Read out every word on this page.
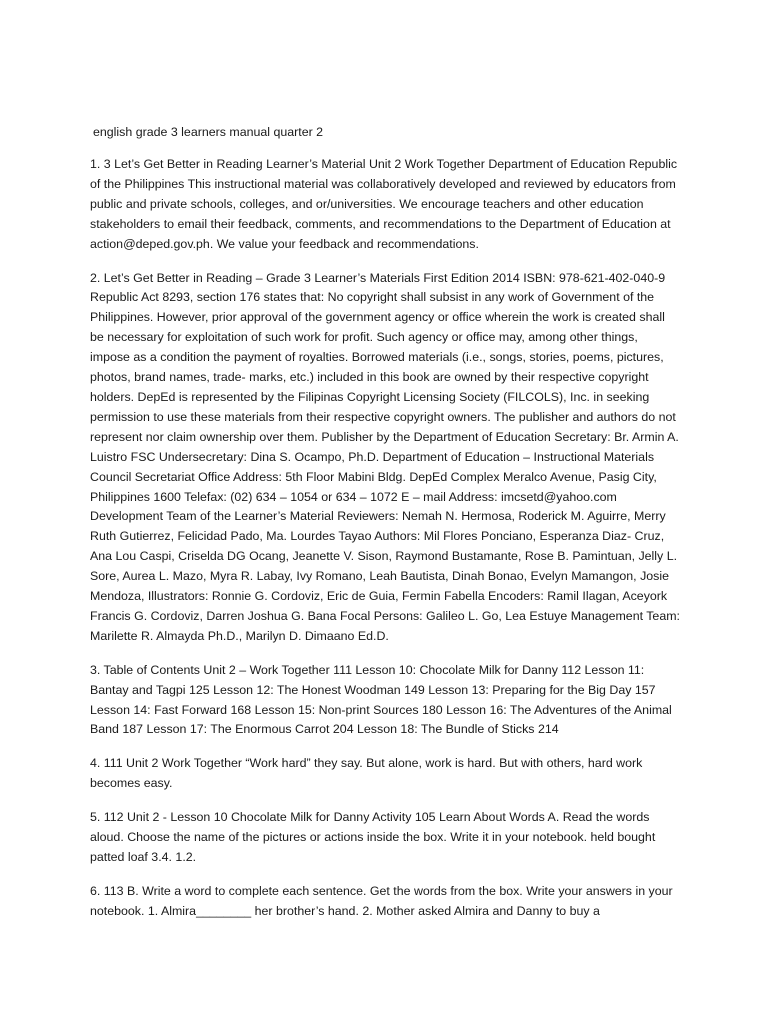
english grade 3 learners manual quarter 2

1. 3 Let’s Get Better in Reading Learner’s Material Unit 2 Work Together Department of Education Republic of the Philippines This instructional material was collaboratively developed and reviewed by educators from public and private schools, colleges, and or/universities. We encourage teachers and other education stakeholders to email their feedback, comments, and recommendations to the Department of Education at action@deped.gov.ph. We value your feedback and recommendations.

2. Let’s Get Better in Reading – Grade 3 Learner’s Materials First Edition 2014 ISBN: 978-621-402-040-9 Republic Act 8293, section 176 states that: No copyright shall subsist in any work of Government of the Philippines. However, prior approval of the government agency or office wherein the work is created shall be necessary for exploitation of such work for profit. Such agency or office may, among other things, impose as a condition the payment of royalties. Borrowed materials (i.e., songs, stories, poems, pictures, photos, brand names, trade- marks, etc.) included in this book are owned by their respective copyright holders. DepEd is represented by the Filipinas Copyright Licensing Society (FILCOLS), Inc. in seeking permission to use these materials from their respective copyright owners. The publisher and authors do not represent nor claim ownership over them. Publisher by the Department of Education Secretary: Br. Armin A. Luistro FSC Undersecretary: Dina S. Ocampo, Ph.D. Department of Education – Instructional Materials Council Secretariat Office Address: 5th Floor Mabini Bldg. DepEd Complex Meralco Avenue, Pasig City, Philippines 1600 Telefax: (02) 634 – 1054 or 634 – 1072 E – mail Address: imcsetd@yahoo.com Development Team of the Learner’s Material Reviewers: Nemah N. Hermosa, Roderick M. Aguirre, Merry Ruth Gutierrez, Felicidad Pado, Ma. Lourdes Tayao Authors: Mil Flores Ponciano, Esperanza Diaz- Cruz, Ana Lou Caspi, Criselda DG Ocang, Jeanette V. Sison, Raymond Bustamante, Rose B. Pamintuan, Jelly L. Sore, Aurea L. Mazo, Myra R. Labay, Ivy Romano, Leah Bautista, Dinah Bonao, Evelyn Mamangon, Josie Mendoza, Illustrators: Ronnie G. Cordoviz, Eric de Guia, Fermin Fabella Encoders: Ramil Ilagan, Aceyork Francis G. Cordoviz, Darren Joshua G. Bana Focal Persons: Galileo L. Go, Lea Estuye Management Team: Marilette R. Almayda Ph.D., Marilyn D. Dimaano Ed.D.

3. Table of Contents Unit 2 – Work Together 111 Lesson 10: Chocolate Milk for Danny 112 Lesson 11: Bantay and Tagpi 125 Lesson 12: The Honest Woodman 149 Lesson 13: Preparing for the Big Day 157 Lesson 14: Fast Forward 168 Lesson 15: Non-print Sources 180 Lesson 16: The Adventures of the Animal Band 187 Lesson 17: The Enormous Carrot 204 Lesson 18: The Bundle of Sticks 214

4. 111 Unit 2 Work Together “Work hard” they say. But alone, work is hard. But with others, hard work becomes easy.

5. 112 Unit 2 - Lesson 10 Chocolate Milk for Danny Activity 105 Learn About Words A. Read the words aloud. Choose the name of the pictures or actions inside the box. Write it in your notebook. held bought patted loaf 3.4. 1.2.

6. 113 B. Write a word to complete each sentence. Get the words from the box. Write your answers in your notebook. 1. Almira________ her brother’s hand. 2. Mother asked Almira and Danny to buy a
